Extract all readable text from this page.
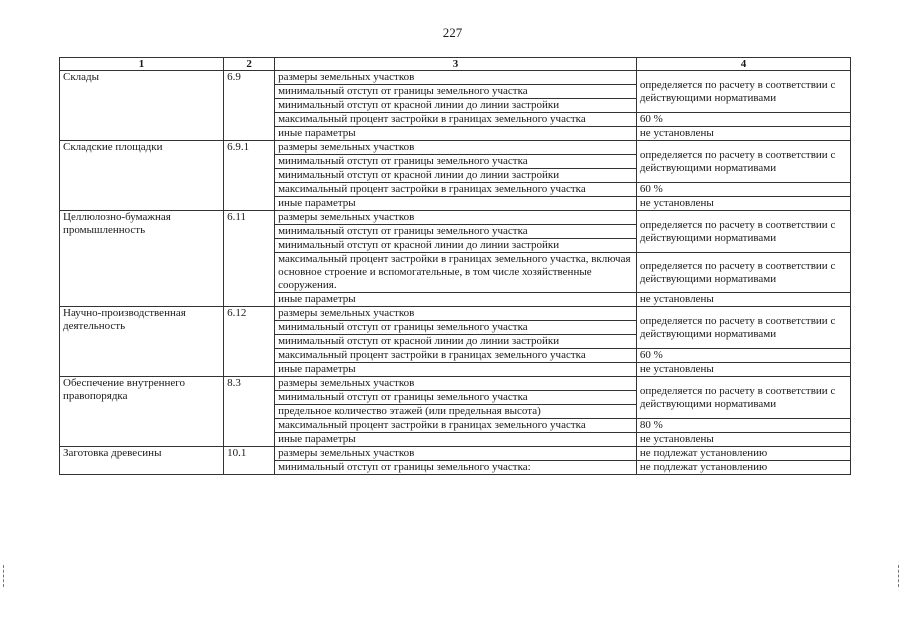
227
1	2	3	4
Склады	6.9	размеры земельных участков	определяется по расчету в соответствии с действующими нормативами
		минимальный отступ от границы земельного участка	
		минимальный отступ от красной линии до линии застройки	
		максимальный процент застройки в границах земельного участка	60 %
		иные параметры	не установлены
Складские площадки	6.9.1	размеры земельных участков	определяется по расчету в соответствии с действующими нормативами
		минимальный отступ от границы земельного участка	
		минимальный отступ от красной линии до линии застройки	
		максимальный процент застройки в границах земельного участка	60 %
		иные параметры	не установлены
Целлюлозно-бумажная промышленность	6.11	размеры земельных участков	определяется по расчету в соответствии с действующими нормативами
		минимальный отступ от границы земельного участка	
		минимальный отступ от красной линии до линии застройки	
		максимальный процент застройки в границах земельного участка, включая основное строение и вспомогательные, в том числе хозяйственные сооружения.	определяется по расчету в соответствии с действующими нормативами
		иные параметры	не установлены
Научно-производственная деятельность	6.12	размеры земельных участков	определяется по расчету в соответствии с действующими нормативами
		минимальный отступ от границы земельного участка	
		минимальный отступ от красной линии до линии застройки	
		максимальный процент застройки в границах земельного участка	60 %
		иные параметры	не установлены
Обеспечение внутреннего правопорядка	8.3	размеры земельных участков	определяется по расчету в соответствии с действующими нормативами
		минимальный отступ от границы земельного участка	
		предельное количество этажей (или предельная высота)	
		максимальный процент застройки в границах земельного участка	80 %
		иные параметры	не установлены
Заготовка древесины	10.1	размеры земельных участков	не подлежат установлению
		минимальный отступ от границы земельного участка:	не подлежат установлению
